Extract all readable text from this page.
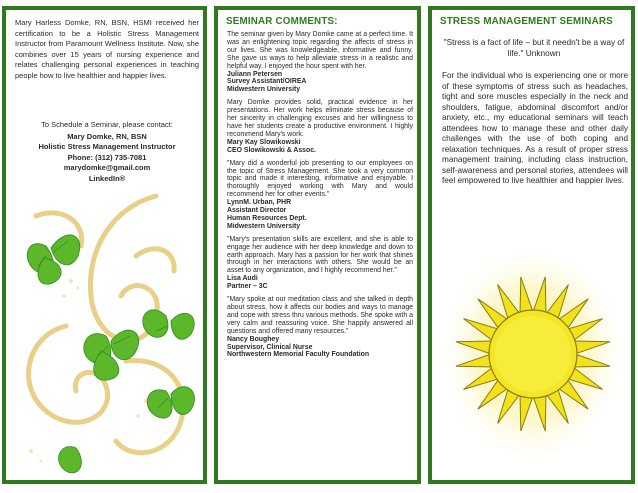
Mary Harless Domke, RN, BSN, HSMI received her certification to be a Holistic Stress Management Instructor from Paramount Wellness Institute. Now, she combines over 15 years of nursing experience and relates challenging personal experiences in teaching people how to live healthier and happier lives.
To Schedule a Seminar, please contact:
Mary Domke, RN, BSN
Holistic Stress Management Instructor
Phone: (312) 735-7081
marydomke@gmail.com
LinkedIn®
SEMINAR COMMENTS:

The seminar given by Mary Domke came at a perfect time. It was an enlightening topic regarding the affects of stress in our lives. She was knowledgeable, informative and funny. She gave us ways to help alleviate stress in a realistic and helpful way. I enjoyed the hour spent with her.
Juliann Petersen
Survey Assistant/OIREA
Midwestern University

Mary Domke provides solid, practical evidence in her presentations. Her work helps eliminate stress because of her sincerity in challenging excuses and her willingness to have her students create a productive environment. I highly recommend Mary's work.
Mary Kay Slowikowski
CEO Slowikowski & Assoc.

"Mary did a wonderful job presenting to our employees on the topic of Stress Management. She took a very common topic and made it interesting, informative and enjoyable. I thoroughly enjoyed working with Mary and would recommend her for other events."
LynnM. Urban, PHR
Assistant Director
Human Resources Dept.
Midwestern University

"Mary's presentation skills are excellent, and she is able to engage her audience with her deep knowledge and down to earth approach. Mary has a passion for her work that shines through in her interactions with others. She would be an asset to any organization, and I highly recommend her."
Lisa Audi
Partner – 3C

"Mary spoke at our meditation class and she talked in depth about stress, how it affects our bodies and ways to manage and cope with stress thru various methods. She spoke with a very calm and reassuring voice. She happily answered all questions and offered many resources."
Nancy Boughey
Supervisor, Clinical Nurse
Northwestern Memorial Faculty Foundation

STRESS MANAGEMENT SEMINARS
"Stress is a fact of life – but it needn't be a way of life." Unknown
For the individual who is experiencing one or more of these symptoms of stress such as headaches, tight and sore muscles especially in the neck and shoulders, fatigue, abdominal discomfort and/or anxiety, etc., my educational seminars will teach attendees how to manage these and other daily challenges with the use of both coping and relaxation techniques. As a result of proper stress management training, including class instruction, self-awareness and personal stories, attendees will feel empowered to live healthier and happier lives.
